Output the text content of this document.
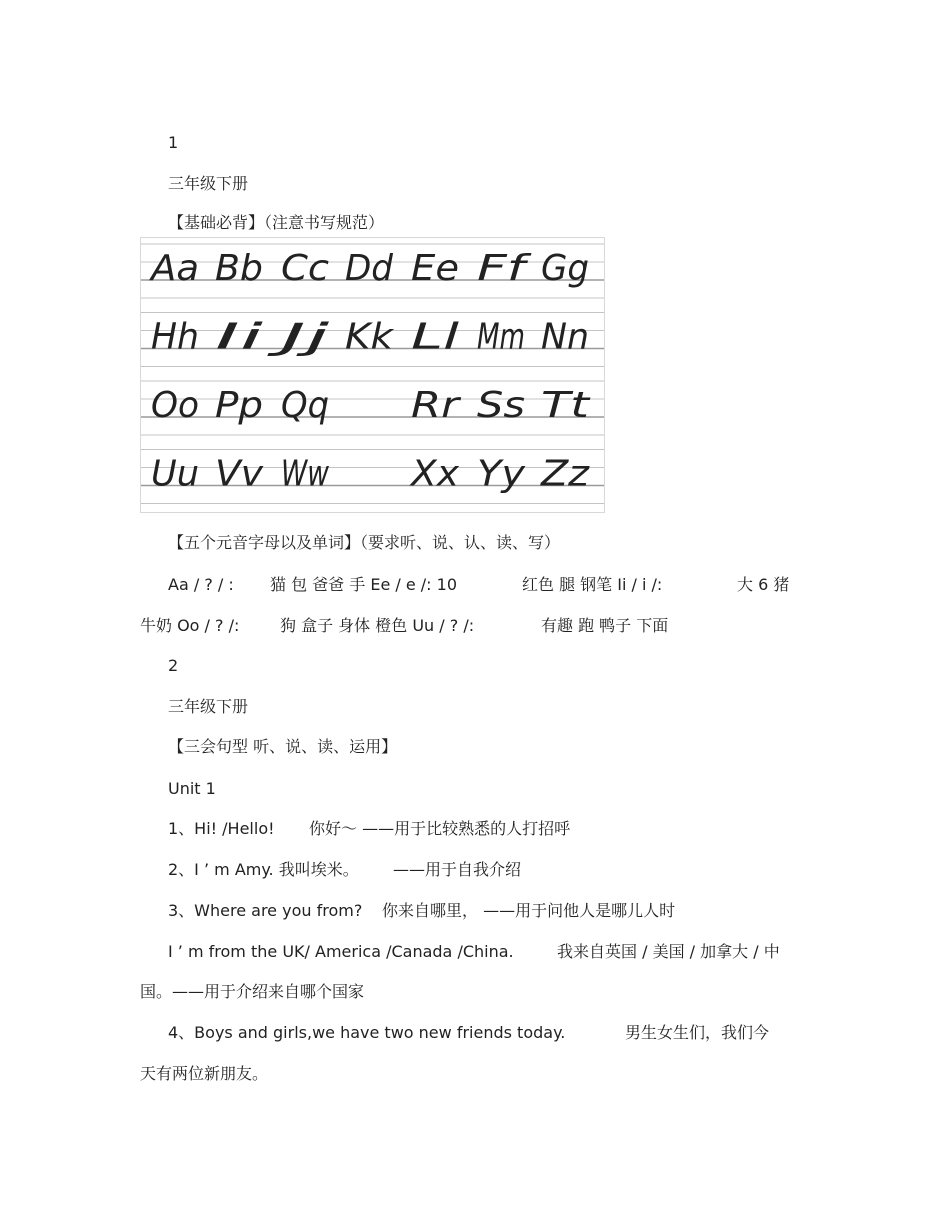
1
三年级下册
【基础必背】（注意书写规范）
Aa Bb Cc Dd Ee Ff Gg
Hh Ii Jj Kk Ll Mm Nn
Oo Pp Qq Rr Ss Tt
Uu Vv Ww Xx Yy Zz
【五个元音字母以及单词】（要求听、说、认、读、写）
Aa / ? / : 猫 包 爸爸 手 Ee / e /: 10	红色 腿 钢笔 Ii / i /:	大 6 猪
牛奶 Oo / ? /:	狗 盒子 身体 橙色 Uu / ? /:	有趣 跑 鸭子 下面
2
三年级下册
【三会句型 听、说、读、运用】
Unit 1
1、Hi! /Hello! 你好～ ——用于比较熟悉的人打招呼
2、I ’ m Amy. 我叫埃米。 ——用于自我介绍
3、Where are you from? 你来自哪里， ——用于问他人是哪儿人时
I ’ m from the UK/ America /Canada /China.	我来自英国 / 美国 / 加拿大 / 中
国。——用于介绍来自哪个国家
4、Boys and girls,we have two new friends today.	男生女生们，我们今
天有两位新朋友。
